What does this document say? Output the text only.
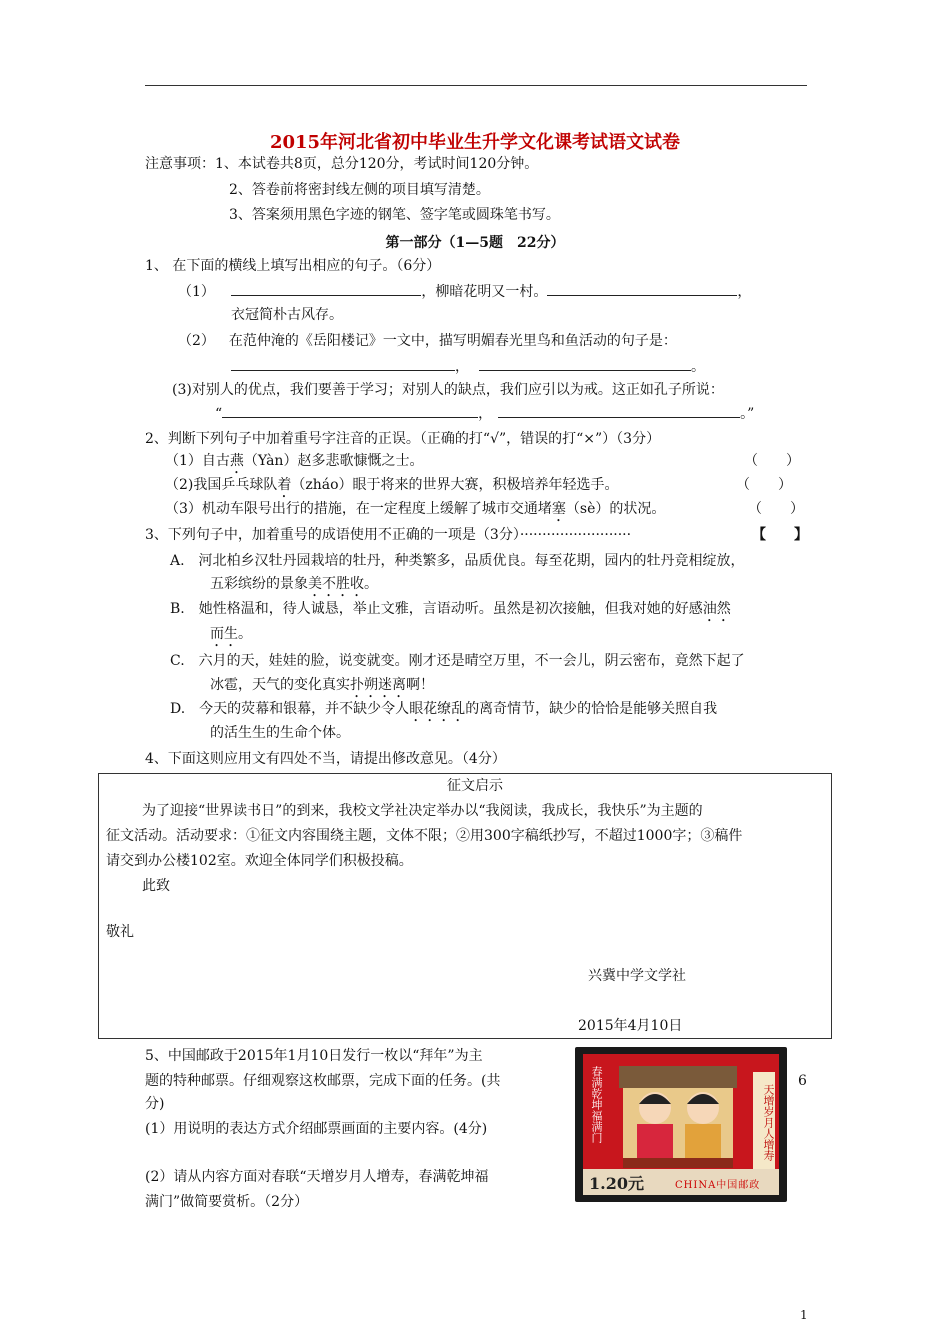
2015年河北省初中毕业生升学文化课考试语文试卷
注意事项：1、本试卷共8页，总分120分，考试时间120分钟。
2、答卷前将密封线左侧的项目填写清楚。
3、答案须用黑色字迹的钢笔、签字笔或圆珠笔书写。
第一部分（1—5题　22分）
1、 在下面的横线上填写出相应的句子。（6分）
（1）	，柳暗花明又一村。	，
衣冠简朴古风存。
（2） 在范仲淹的《岳阳楼记》一文中，描写明媚春光里鸟和鱼活动的句子是：
，	。
(3)对别人的优点，我们要善于学习；对别人的缺点，我们应引以为戒。这正如孔子所说：
“	，	。”
2、判断下列句子中加着重号字注音的正误。（正确的打“√”，错误的打“×”）（3分）
（1）自古燕（Yàn）赵多悲歌慷慨之士。	（　　）
（2)我国乒乓球队着（zháo）眼于将来的世界大赛，积极培养年轻选手。	（　　）
（3）机动车限号出行的措施，在一定程度上缓解了城市交通堵塞（sè）的状况。	（　　）
3、下列句子中，加着重号的成语使用不正确的一项是（3分）·························	【　　】
A.　河北柏乡汉牡丹园栽培的牡丹，种类繁多，品质优良。每至花期，园内的牡丹竞相绽放，
五彩缤纷的景象美不胜收。
B.　她性格温和，待人诚恳，举止文雅，言语动听。虽然是初次接触，但我对她的好感油然
而生。
C.　六月的天，娃娃的脸，说变就变。刚才还是晴空万里，不一会儿，阴云密布，竟然下起了
冰雹，天气的变化真实扑朔迷离啊！
D.　今天的荧幕和银幕，并不缺少令人眼花缭乱的离奇情节，缺少的恰恰是能够关照自我
的活生生的生命个体。
4、下面这则应用文有四处不当，请提出修改意见。（4分）
征文启示
为了迎接“世界读书日”的到来，我校文学社决定举办以“我阅读，我成长，我快乐”为主题的
征文活动。活动要求：①征文内容围绕主题，文体不限；②用300字稿纸抄写，不超过1000字；③稿件
请交到办公楼102室。欢迎全体同学们积极投稿。
此致
敬礼
兴冀中学文学社
2015年4月10日
5、中国邮政于2015年1月10日发行一枚以“拜年”为主
题的特种邮票。仔细观察这枚邮票，完成下面的任务。(共
分)
6
(1）用说明的表达方式介绍邮票画面的主要内容。(4分)
(2）请从内容方面对春联“天增岁月人增寿，春满乾坤福
满门”做简要赏析。（2分）
春满乾坤福满门	天增岁月人增寿
1.20元	CHINA中国邮政
1
